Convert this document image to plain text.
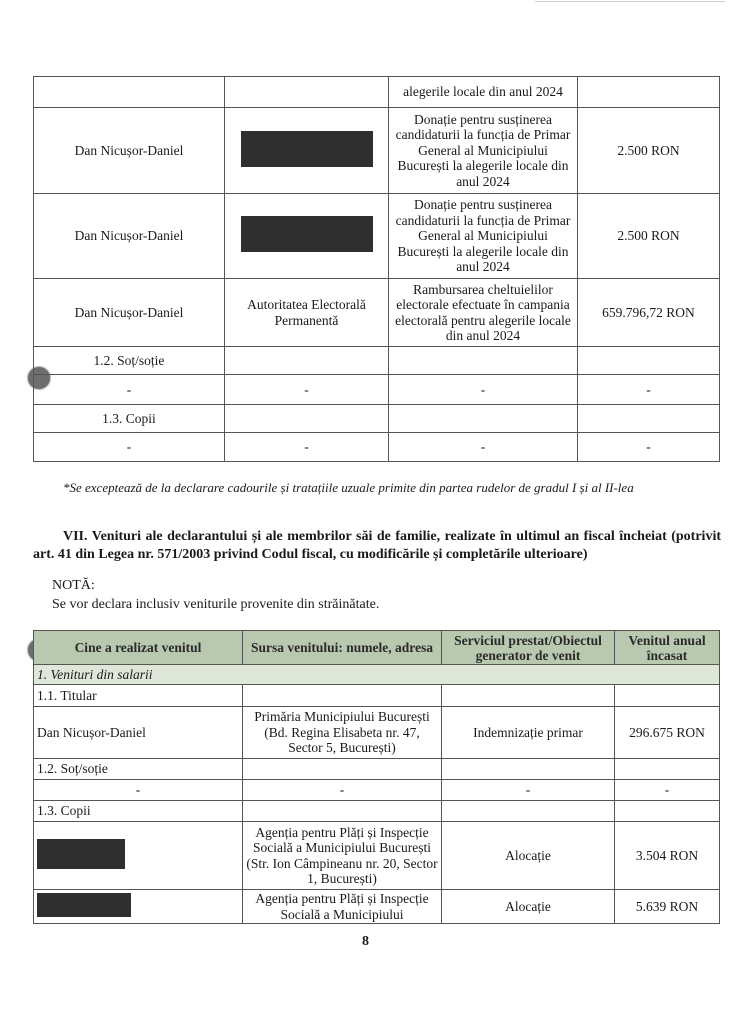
		alegerile locale din anul 2024	
Dan Nicușor-Daniel		Donație pentru susținerea candidaturii la funcția de Primar General al Municipiului București la alegerile locale din anul 2024	2.500 RON
Dan Nicușor-Daniel		Donație pentru susținerea candidaturii la funcția de Primar General al Municipiului București la alegerile locale din anul 2024	2.500 RON
Dan Nicușor-Daniel	Autoritatea Electorală Permanentă	Rambursarea cheltuielilor electorale efectuate în campania electorală pentru alegerile locale din anul 2024	659.796,72 RON
1.2. Soț/soție			
-	-	-	-
1.3. Copii			
-	-	-	-
*Se exceptează de la declarare cadourile și tratațiile uzuale primite din partea rudelor de gradul I și al II-lea
VII. Venituri ale declarantului și ale membrilor săi de familie, realizate în ultimul an fiscal încheiat (potrivit art. 41 din Legea nr. 571/2003 privind Codul fiscal, cu modificările și completările ulterioare)
NOTĂ:
Se vor declara inclusiv veniturile provenite din străinătate.
Cine a realizat venitul	Sursa venitului: numele, adresa	Serviciul prestat/Obiectul generator de venit	Venitul anual încasat
1. Venituri din salarii			
1.1. Titular			
Dan Nicușor-Daniel	Primăria Municipiului București (Bd. Regina Elisabeta nr. 47, Sector 5, București)	Indemnizație primar	296.675 RON
1.2. Soț/soție			
-	-	-	-
1.3. Copii			
	Agenția pentru Plăți și Inspecție Socială a Municipiului București (Str. Ion Câmpineanu nr. 20, Sector 1, București)	Alocație	3.504 RON
	Agenția pentru Plăți și Inspecție Socială a Municipiului	Alocație	5.639 RON
8
